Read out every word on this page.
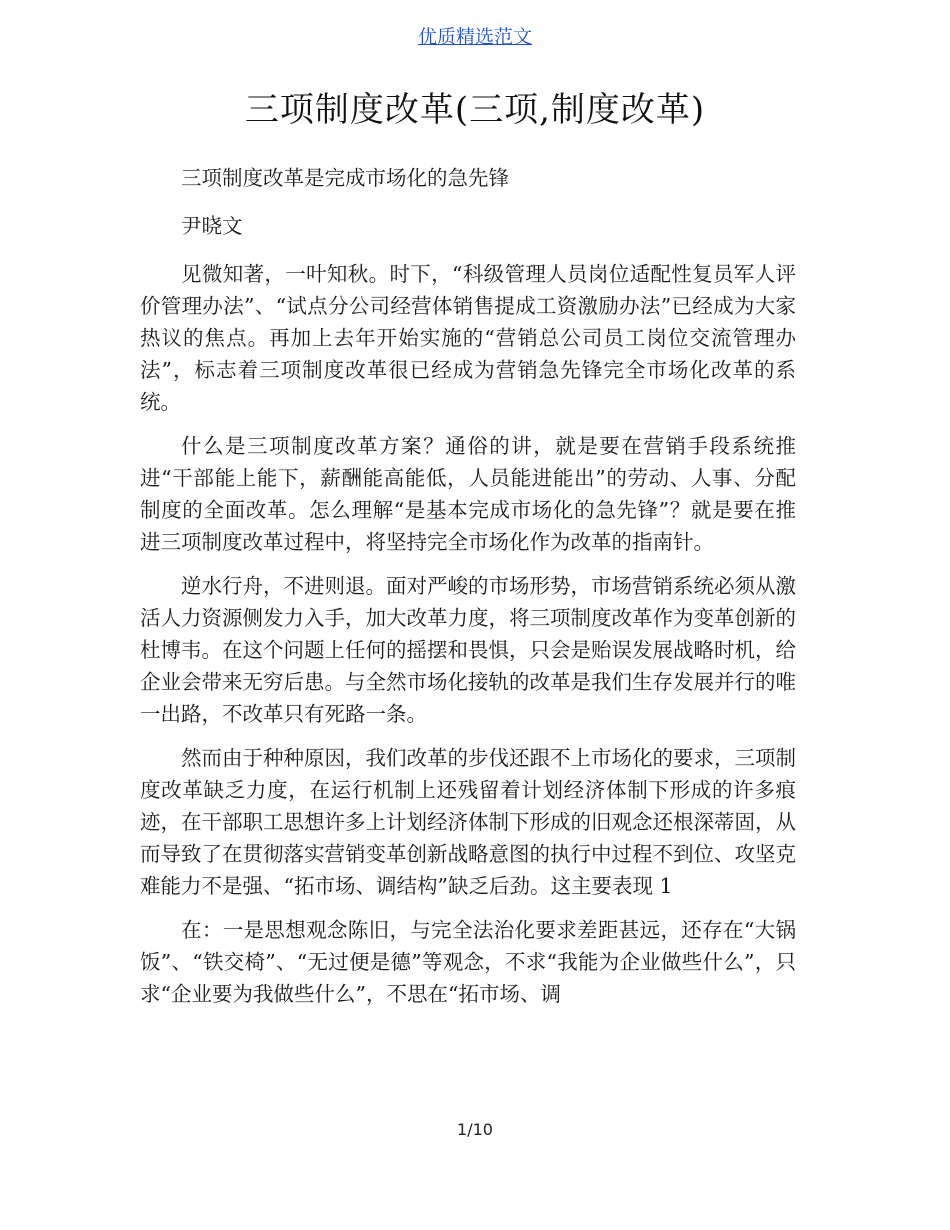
优质精选范文
三项制度改革(三项,制度改革)

三项制度改革是完成市场化的急先锋

尹晓文

见微知著，一叶知秋。时下，“科级管理人员岗位适配性复员军人评价管理办法”、“试点分公司经营体销售提成工资激励办法”已经成为大家热议的焦点。再加上去年开始实施的“营销总公司员工岗位交流管理办法”，标志着三项制度改革很已经成为营销急先锋完全市场化改革的系统。

什么是三项制度改革方案？通俗的讲，就是要在营销手段系统推进“干部能上能下，薪酬能高能低，人员能进能出”的劳动、人事、分配制度的全面改革。怎么理解“是基本完成市场化的急先锋”？就是要在推进三项制度改革过程中，将坚持完全市场化作为改革的指南针。

逆水行舟，不进则退。面对严峻的市场形势，市场营销系统必须从激活人力资源侧发力入手，加大改革力度，将三项制度改革作为变革创新的杜博韦。在这个问题上任何的摇摆和畏惧，只会是贻误发展战略时机，给企业会带来无穷后患。与全然市场化接轨的改革是我们生存发展并行的唯一出路，不改革只有死路一条。

然而由于种种原因，我们改革的步伐还跟不上市场化的要求，三项制度改革缺乏力度，在运行机制上还残留着计划经济体制下形成的许多痕迹，在干部职工思想许多上计划经济体制下形成的旧观念还根深蒂固，从而导致了在贯彻落实营销变革创新战略意图的执行中过程不到位、攻坚克难能力不是强、“拓市场、调结构”缺乏后劲。这主要表现 1

在：一是思想观念陈旧，与完全法治化要求差距甚远，还存在“大锅饭”、“铁交椅”、“无过便是德”等观念，不求“我能为企业做些什么”，只求“企业要为我做些什么”，不思在“拓市场、调

1/10
